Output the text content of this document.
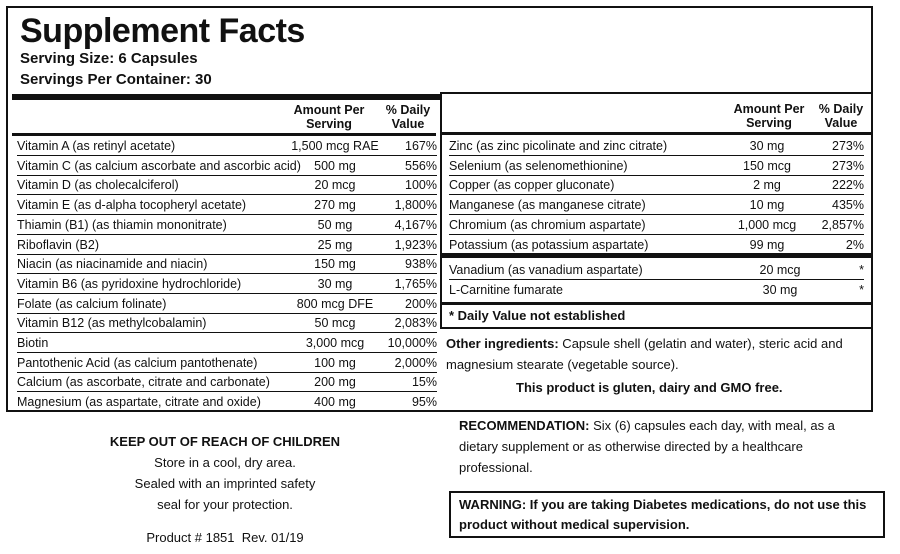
Supplement Facts
Serving Size: 6 Capsules
Servings Per Container: 30
Amount Per
Serving
% Daily
Value
Vitamin A (as retinyl acetate)	1,500 mcg RAE 167%
Vitamin C (as calcium ascorbate and ascorbic acid) 500 mg	556%
Vitamin D (as cholecalciferol)	20 mcg	100%
Vitamin E (as d-alpha tocopheryl acetate)	270 mg	1,800%
Thiamin (B1) (as thiamin mononitrate)	50 mg	4,167%
Riboflavin (B2)	25 mg	1,923%
Niacin (as niacinamide and niacin)	150 mg	938%
Vitamin B6 (as pyridoxine hydrochloride)	30 mg	1,765%
Folate (as calcium folinate)	800 mcg DFE	200%
Vitamin B12 (as methylcobalamin)	50 mcg	2,083%
Biotin	3,000 mcg 10,000%
Pantothenic Acid (as calcium pantothenate)	100 mg	2,000%
Calcium (as ascorbate, citrate and carbonate)	200 mg	15%
Magnesium (as aspartate, citrate and oxide)	400 mg	95%
Amount Per
Serving
% Daily
Value
Zinc (as zinc picolinate and zinc citrate)	30 mg	273%
Selenium (as selenomethionine)	150 mcg	273%
Copper (as copper gluconate)	2 mg	222%
Manganese (as manganese citrate)	10 mg	435%
Chromium (as chromium aspartate)	1,000 mcg 2,857%
Potassium (as potassium aspartate)	99 mg	2%
Vanadium (as vanadium aspartate)	20 mcg	*
L-Carnitine fumarate	30 mg	*
* Daily Value not established
Other ingredients: Capsule shell (gelatin and water), steric acid and
magnesium stearate (vegetable source).
This product is gluten, dairy and GMO free.
RECOMMENDATION: Six (6) capsules each day, with meal, as a
dietary supplement or as otherwise directed by a healthcare
professional.
WARNING: If you are taking Diabetes medications, do not use this
product without medical supervision.
KEEP OUT OF REACH OF CHILDREN
Store in a cool, dry area.
Sealed with an imprinted safety
seal for your protection.
Product # 1851  Rev. 01/19
